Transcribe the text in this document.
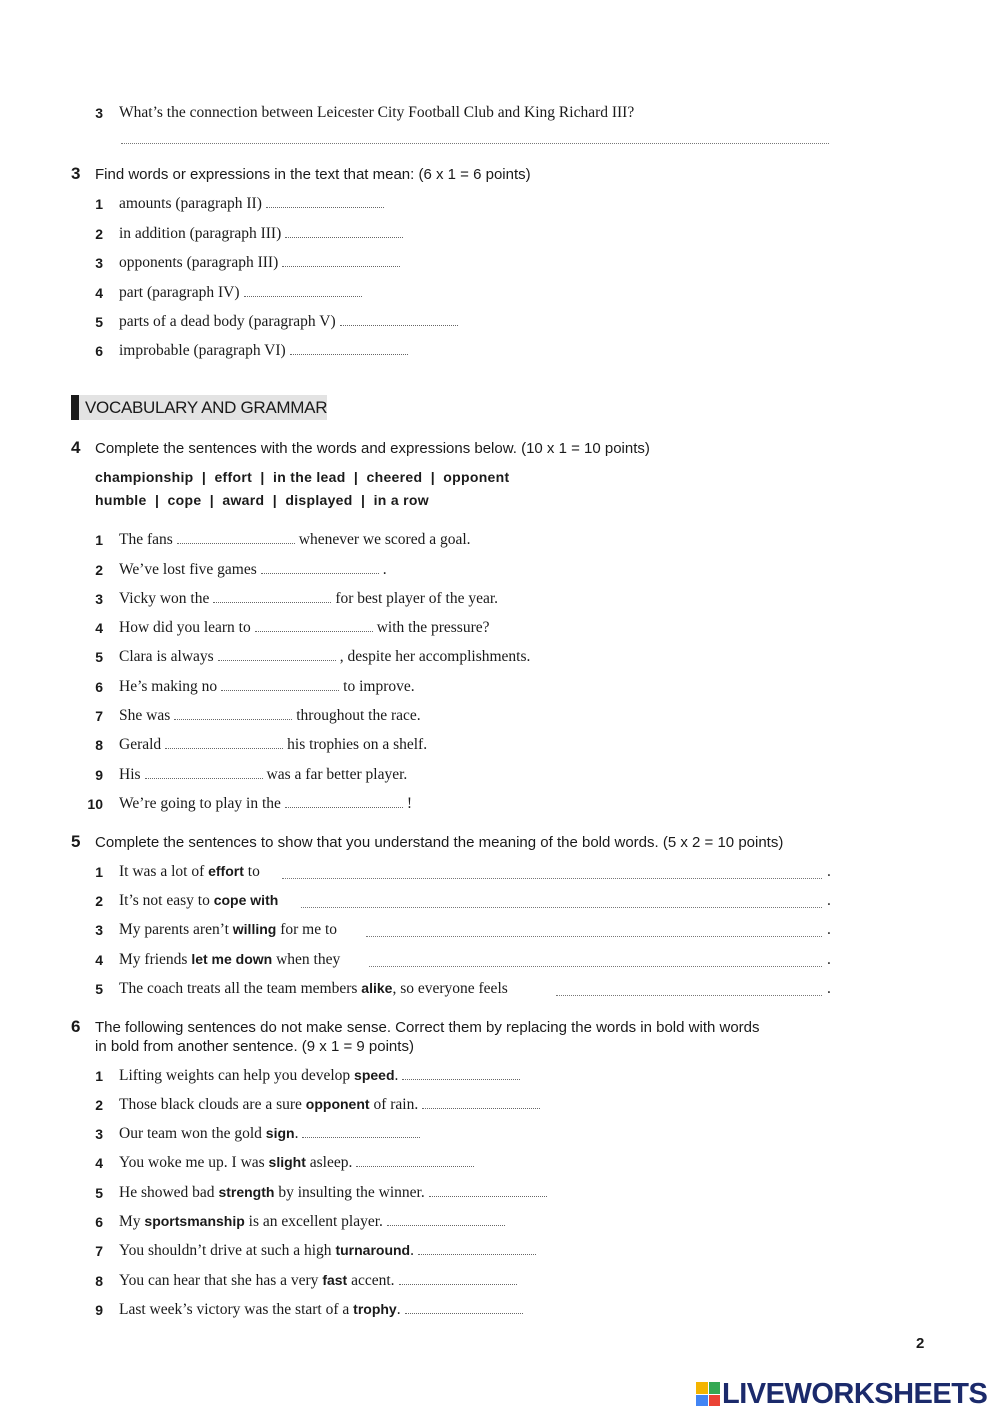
3 What’s the connection between Leicester City Football Club and King Richard III?
3 Find words or expressions in the text that mean: (6 x 1 = 6 points)
1 amounts (paragraph II)
2 in addition (paragraph III)
3 opponents (paragraph III)
4 part (paragraph IV)
5 parts of a dead body (paragraph V)
6 improbable (paragraph VI)
VOCABULARY AND GRAMMAR
4 Complete the sentences with the words and expressions below. (10 x 1 = 10 points)
championship  |  effort  |  in the lead  |  cheered  |  opponent
humble  |  cope  |  award  |  displayed  |  in a row
1 The fans	whenever we scored a goal.
2 We’ve lost five games	.
3 Vicky won the	for best player of the year.
4 How did you learn to	with the pressure?
5 Clara is always	, despite her accomplishments.
6 He’s making no	to improve.
7 She was	throughout the race.
8 Gerald	his trophies on a shelf.
9 His	was a far better player.
10 We’re going to play in the	!
5 Complete the sentences to show that you understand the meaning of the bold words. (5 x 2 = 10 points)
1 It was a lot of effort to	.
2 It’s not easy to cope with	.
3 My parents aren’t willing for me to	.
4 My friends let me down when they	.
5 The coach treats all the team members alike, so everyone feels	.
6 The following sentences do not make sense. Correct them by replacing the words in bold with words
in bold from another sentence. (9 x 1 = 9 points)
1 Lifting weights can help you develop speed.
2 Those black clouds are a sure opponent of rain.
3 Our team won the gold sign.
4 You woke me up. I was slight asleep.
5 He showed bad strength by insulting the winner.
6 My sportsmanship is an excellent player.
7 You shouldn’t drive at such a high turnaround.
8 You can hear that she has a very fast accent.
9 Last week’s victory was the start of a trophy.
2
LIVEWORKSHEETS
